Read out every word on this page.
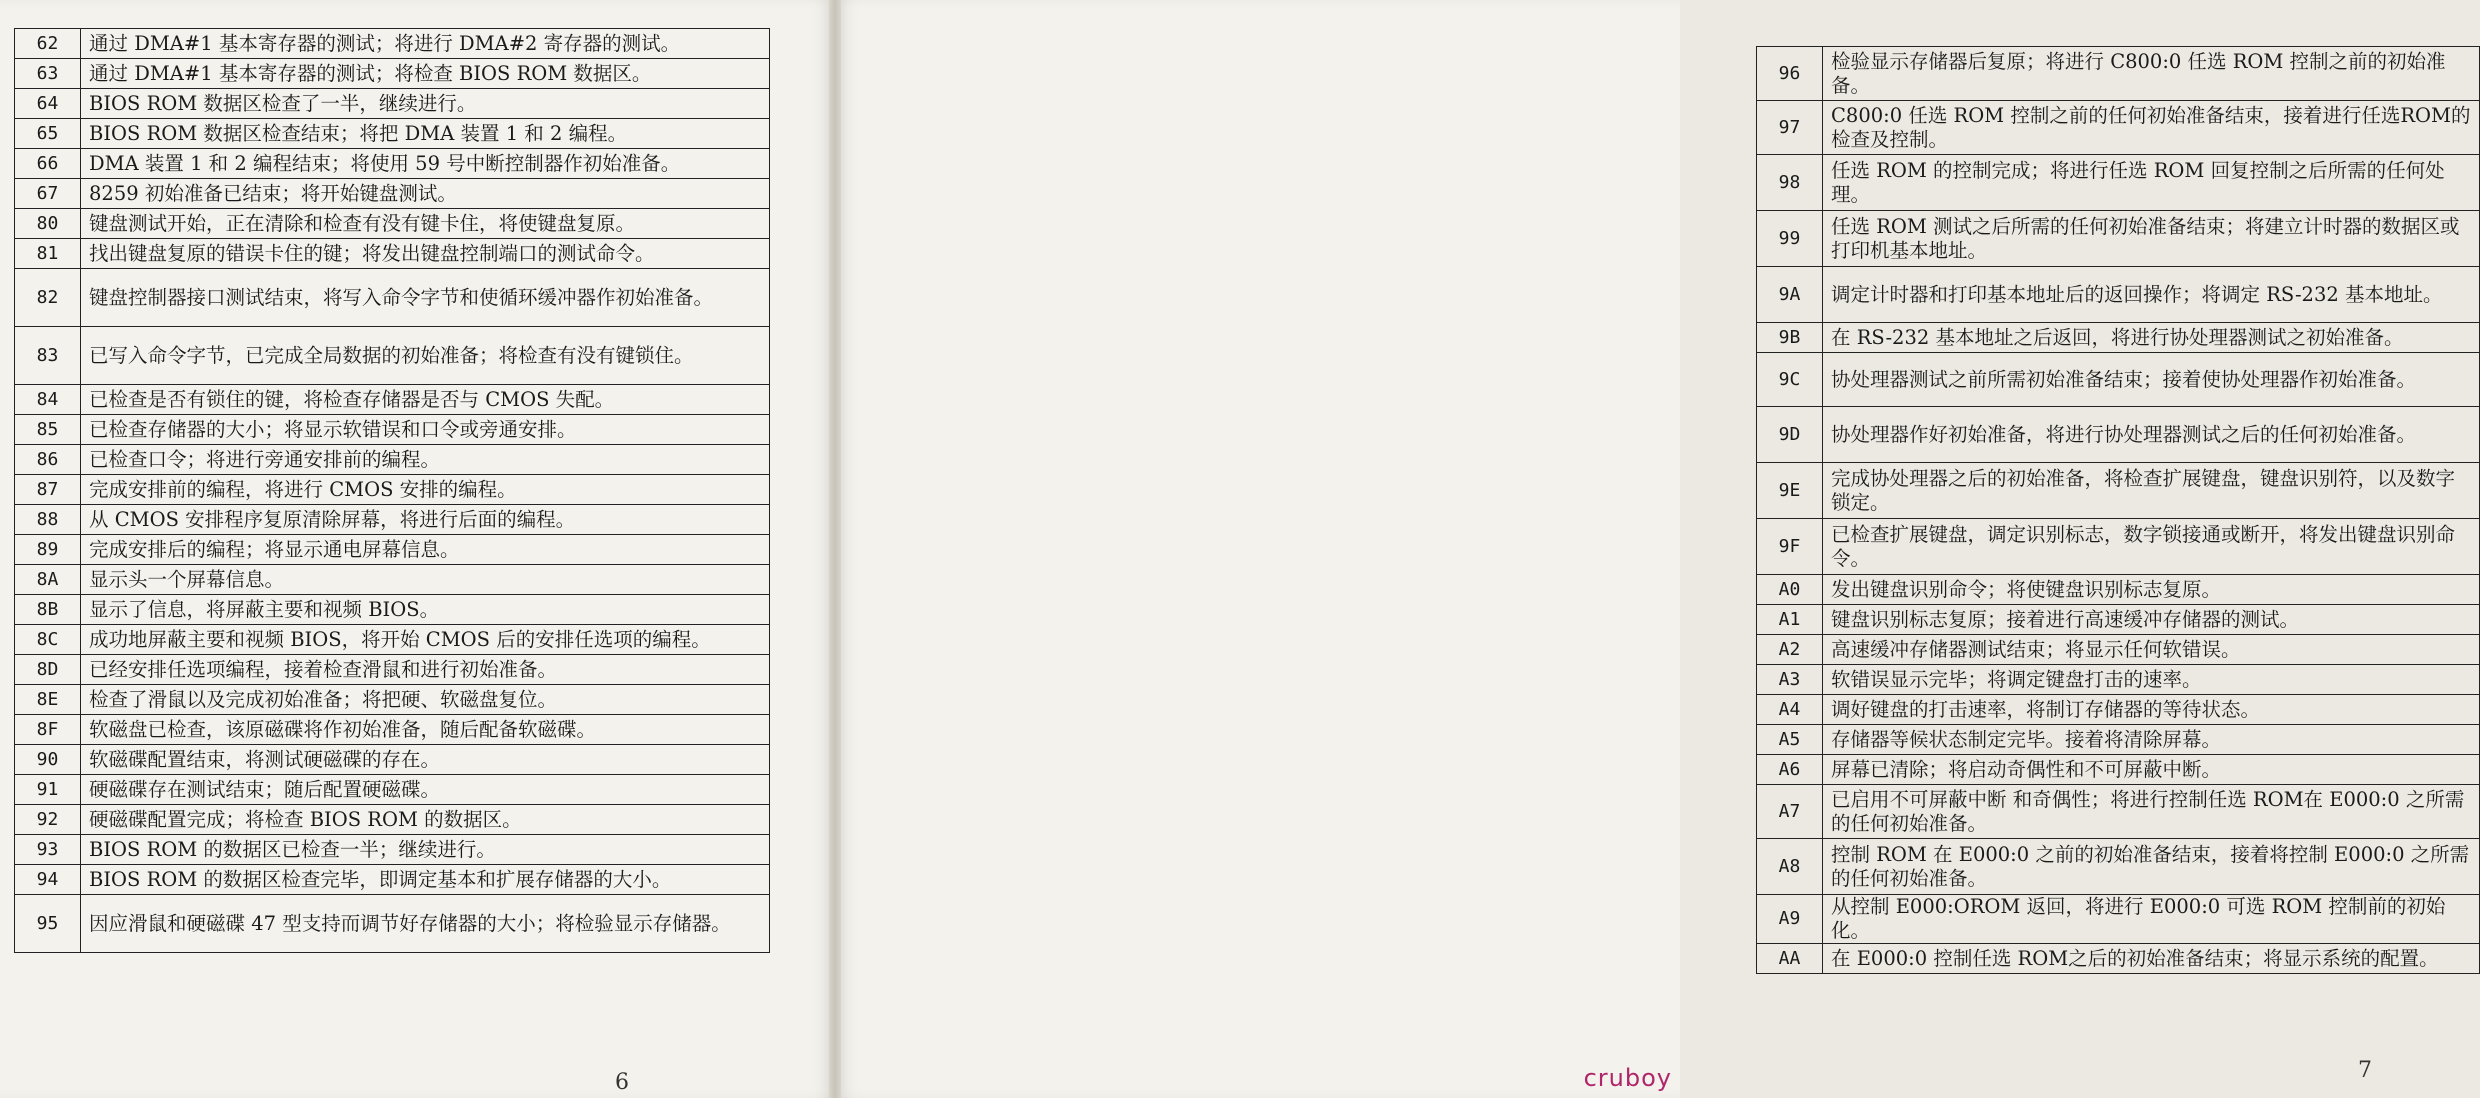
62	通过 DMA#1 基本寄存器的测试；将进行 DMA#2 寄存器的测试。
63	通过 DMA#1 基本寄存器的测试；将检查 BIOS ROM 数据区。
64	BIOS ROM 数据区检查了一半，继续进行。
65	BIOS ROM 数据区检查结束；将把 DMA 装置 1 和 2 编程。
66	DMA 装置 1 和 2 编程结束；将使用 59 号中断控制器作初始准备。
67	8259 初始准备已结束；将开始键盘测试。
80	键盘测试开始，正在清除和检查有没有键卡住，将使键盘复原。
81	找出键盘复原的错误卡住的键；将发出键盘控制端口的测试命令。
82	键盘控制器接口测试结束，将写入命令字节和使循环缓冲器作初始准备。
83	已写入命令字节，已完成全局数据的初始准备；将检查有没有键锁住。
84	已检查是否有锁住的键，将检查存储器是否与 CMOS 失配。
85	已检查存储器的大小；将显示软错误和口令或旁通安排。
86	已检查口令；将进行旁通安排前的编程。
87	完成安排前的编程，将进行 CMOS 安排的编程。
88	从 CMOS 安排程序复原清除屏幕，将进行后面的编程。
89	完成安排后的编程；将显示通电屏幕信息。
8A	显示头一个屏幕信息。
8B	显示了信息，将屏蔽主要和视频 BIOS。
8C	成功地屏蔽主要和视频 BIOS，将开始 CMOS 后的安排任选项的编程。
8D	已经安排任选项编程，接着检查滑鼠和进行初始准备。
8E	检查了滑鼠以及完成初始准备；将把硬、软磁盘复位。
8F	软磁盘已检查，该原磁碟将作初始准备，随后配备软磁碟。
90	软磁碟配置结束，将测试硬磁碟的存在。
91	硬磁碟存在测试结束；随后配置硬磁碟。
92	硬磁碟配置完成；将检查 BIOS ROM 的数据区。
93	BIOS ROM 的数据区已检查一半；继续进行。
94	BIOS ROM 的数据区检查完毕，即调定基本和扩展存储器的大小。
95	因应滑鼠和硬磁碟 47 型支持而调节好存储器的大小；将检验显示存储器。
6
96	检验显示存储器后复原；将进行 C800:0 任选 ROM 控制之前的初始准备。
97	C800:0 任选 ROM 控制之前的任何初始准备结束，接着进行任选ROM的检查及控制。
98	任选 ROM 的控制完成；将进行任选 ROM 回复控制之后所需的任何处理。
99	任选 ROM 测试之后所需的任何初始准备结束；将建立计时器的数据区或打印机基本地址。
9A	调定计时器和打印基本地址后的返回操作；将调定 RS-232 基本地址。
9B	在 RS-232 基本地址之后返回，将进行协处理器测试之初始准备。
9C	协处理器测试之前所需初始准备结束；接着使协处理器作初始准备。
9D	协处理器作好初始准备，将进行协处理器测试之后的任何初始准备。
9E	完成协处理器之后的初始准备，将检查扩展键盘，键盘识别符，以及数字锁定。
9F	已检查扩展键盘，调定识别标志，数字锁接通或断开，将发出键盘识别命令。
A0	发出键盘识别命令；将使键盘识别标志复原。
A1	键盘识别标志复原；接着进行高速缓冲存储器的测试。
A2	高速缓冲存储器测试结束；将显示任何软错误。
A3	软错误显示完毕；将调定键盘打击的速率。
A4	调好键盘的打击速率，将制订存储器的等待状态。
A5	存储器等候状态制定完毕。接着将清除屏幕。
A6	屏幕已清除；将启动奇偶性和不可屏蔽中断。
A7	已启用不可屏蔽中断 和奇偶性；将进行控制任选 ROM在 E000:0 之所需的任何初始准备。
A8	控制 ROM 在 E000:0 之前的初始准备结束，接着将控制 E000:0 之所需的任何初始准备。
A9	从控制 E000:OROM 返回，将进行 E000:0 可选 ROM 控制前的初始化。
AA	在 E000:0 控制任选 ROM之后的初始准备结束；将显示系统的配置。
7
cruboy
